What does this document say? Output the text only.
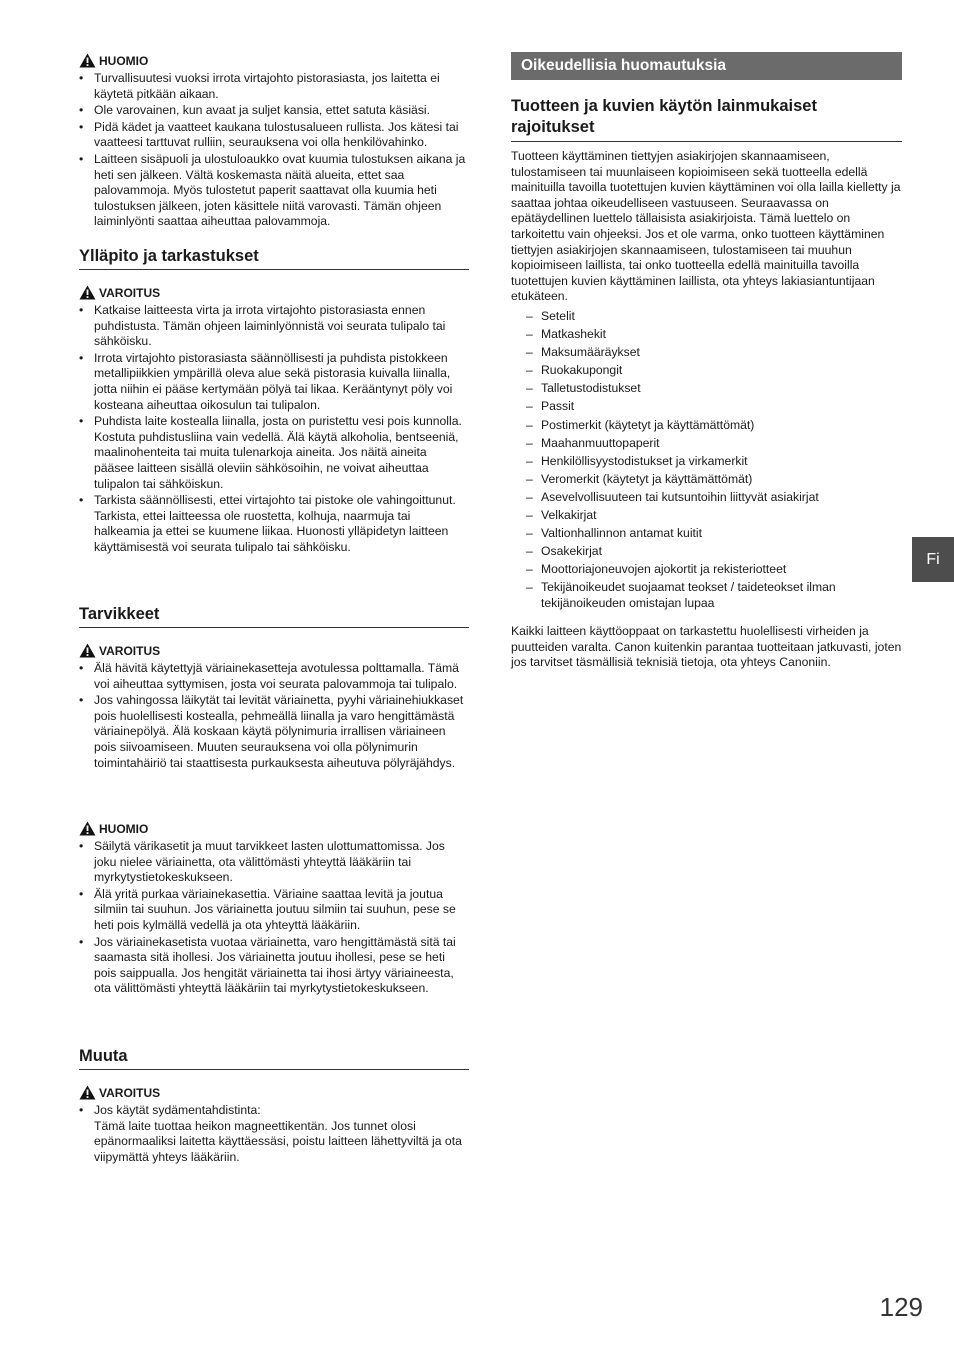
HUOMIO
• Turvallisuutesi vuoksi irrota virtajohto pistorasiasta, jos laitetta ei käytetä pitkään aikaan.
• Ole varovainen, kun avaat ja suljet kansia, ettet satuta käsiäsi.
• Pidä kädet ja vaatteet kaukana tulostusalueen rullista. Jos kätesi tai vaatteesi tarttuvat rulliin, seurauksena voi olla henkilövahinko.
• Laitteen sisäpuoli ja ulostuloaukko ovat kuumia tulostuksen aikana ja heti sen jälkeen. Vältä koskemasta näitä alueita, ettet saa palovammoja. Myös tulostetut paperit saattavat olla kuumia heti tulostuksen jälkeen, joten käsittele niitä varovasti. Tämän ohjeen laiminlyönti saattaa aiheuttaa palovammoja.
Ylläpito ja tarkastukset
VAROITUS
• Katkaise laitteesta virta ja irrota virtajohto pistorasiasta ennen puhdistusta. Tämän ohjeen laiminlyönnistä voi seurata tulipalo tai sähköisku.
• Irrota virtajohto pistorasiasta säännöllisesti ja puhdista pistokkeen metallipiikkien ympärillä oleva alue sekä pistorasia kuivalla liinalla, jotta niihin ei pääse kertymään pölyä tai likaa. Kerääntynyt pöly voi kosteana aiheuttaa oikosulun tai tulipalon.
• Puhdista laite kostealla liinalla, josta on puristettu vesi pois kunnolla. Kostuta puhdistusliina vain vedellä. Älä käytä alkoholia, bentseeniä, maalinohenteita tai muita tulenarkoja aineita. Jos näitä aineita pääsee laitteen sisällä oleviin sähkösoihin, ne voivat aiheuttaa tulipalon tai sähköiskun.
• Tarkista säännöllisesti, ettei virtajohto tai pistoke ole vahingoittunut. Tarkista, ettei laitteessa ole ruostetta, kolhuja, naarmuja tai halkeamia ja ettei se kuumene liikaa. Huonosti ylläpidetyn laitteen käyttämisestä voi seurata tulipalo tai sähköisku.
Tarvikkeet
VAROITUS
• Älä hävitä käytettyjä väriainekasetteja avotulessa polttamalla. Tämä voi aiheuttaa syttymisen, josta voi seurata palovammoja tai tulipalo.
• Jos vahingossa läikytät tai levität väriainetta, pyyhi väriainehiukkaset pois huolellisesti kostealla, pehmeällä liinalla ja varo hengittämästä väriainepölyä. Älä koskaan käytä pölynimuria irrallisen väriaineen pois siivoamiseen. Muuten seurauksena voi olla pölynimurin toimintahäiriö tai staattisesta purkauksesta aiheutuva pölyräjähdys.
HUOMIO
• Säilytä värikasetit ja muut tarvikkeet lasten ulottumattomissa. Jos joku nielee väriainetta, ota välittömästi yhteyttä lääkäriin tai myrkytystietokeskukseen.
• Älä yritä purkaa väriainekasettia. Väriaine saattaa levitä ja joutua silmiin tai suuhun. Jos väriainetta joutuu silmiin tai suuhun, pese se heti pois kylmällä vedellä ja ota yhteyttä lääkäriin.
• Jos väriainekasetista vuotaa väriainetta, varo hengittämästä sitä tai saamasta sitä ihollesi. Jos väriainetta joutuu ihollesi, pese se heti pois saippualla. Jos hengität väriainetta tai ihosi ärtyy väriaineesta, ota välittömästi yhteyttä lääkäriin tai myrkytystietokeskukseen.
Muuta
VAROITUS
• Jos käytät sydämentahdistinta:
Tämä laite tuottaa heikon magneettikentän. Jos tunnet olosi epänormaaliksi laitetta käyttäessäsi, poistu laitteen lähettyviltä ja ota viipymättä yhteys lääkäriin.
Oikeudellisia huomautuksia
Tuotteen ja kuvien käytön lainmukaiset rajoitukset

Tuotteen käyttäminen tiettyjen asiakirjojen skannaamiseen, tulostamiseen tai muunlaiseen kopioimiseen sekä tuotteella edellä mainituilla tavoilla tuotettujen kuvien käyttäminen voi olla lailla kielletty ja saattaa johtaa oikeudelliseen vastuuseen. Seuraavassa on epätäydellinen luettelo tällaisista asiakirjoista. Tämä luettelo on tarkoitettu vain ohjeeksi. Jos et ole varma, onko tuotteen käyttäminen tiettyjen asiakirjojen skannaamiseen, tulostamiseen tai muuhun kopioimiseen laillista, tai onko tuotteella edellä mainituilla tavoilla tuotettujen kuvien käyttäminen laillista, ota yhteys lakiasiantuntijaan etukäteen.

– Setelit
– Matkashekit
– Maksumääräykset
– Ruokakupongit
– Talletustodistukset
– Passit
– Postimerkit (käytetyt ja käyttämättömät)
– Maahanmuuttopaperit
– Henkilöllisyystodistukset ja virkamerkit
– Veromerkit (käytetyt ja käyttämättömät)
– Asevelvollisuuteen tai kutsuntoihin liittyvät asiakirjat
– Velkakirjat
– Valtionhallinnon antamat kuitit
– Osakekirjat
– Moottoriajoneuvojen ajokortit ja rekisteriotteet
– Tekijänoikeudet suojaamat teokset / taideteokset ilman tekijänoikeuden omistajan lupaa

Kaikki laitteen käyttöoppaat on tarkastettu huolellisesti virheiden ja puutteiden varalta. Canon kuitenkin parantaa tuotteitaan jatkuvasti, joten jos tarvitset täsmällisiä teknisiä tietoja, ota yhteys Canoniin.

Fi
129
